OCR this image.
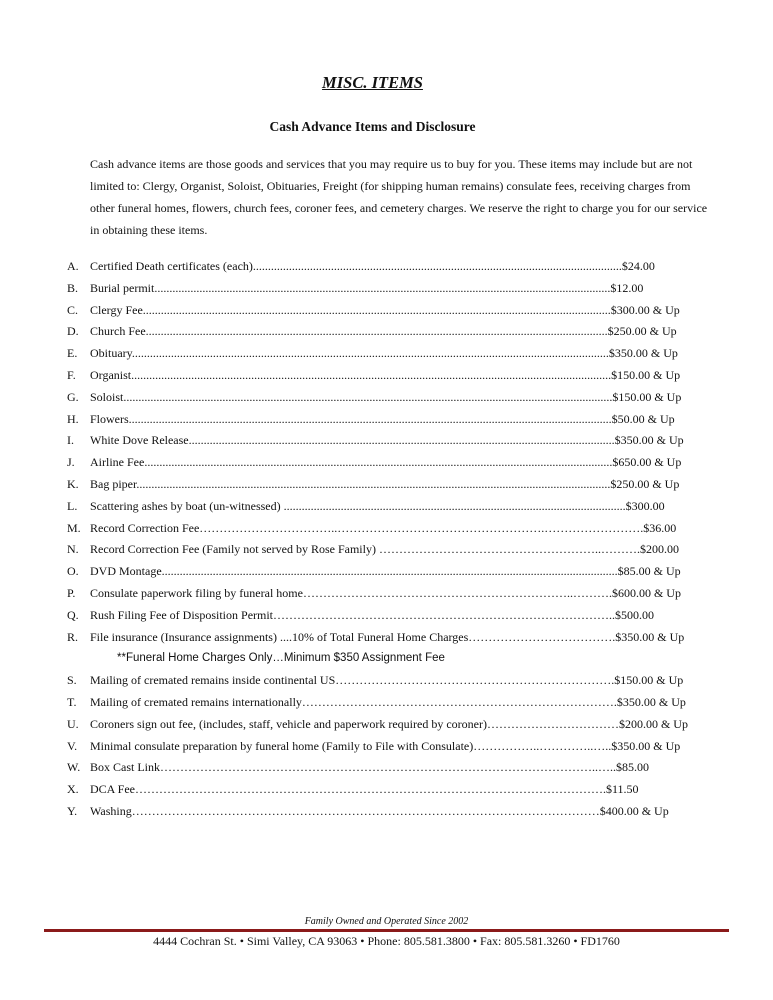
MISC. ITEMS
Cash Advance Items and Disclosure
Cash advance items are those goods and services that you may require us to buy for you. These items may include but are not limited to: Clergy, Organist, Soloist, Obituaries, Freight (for shipping human remains) consulate fees, receiving charges from other funeral homes, flowers, church fees, coroner fees, and cemetery charges. We reserve the right to charge you for our service in obtaining these items.
A. Certified Death certificates (each)...........................................................................................................................$24.00
B. Burial permit........................................................................................................................................................$12.00
C. Clergy Fee............................................................................................................................................................$300.00 & Up
D. Church Fee..........................................................................................................................................................$250.00 & Up
E.	Obituary...............................................................................................................................................................$350.00 & Up
F.	Organist................................................................................................................................................................$150.00 & Up
G. Soloist...................................................................................................................................................................$150.00 & Up
H. Flowers.................................................................................................................................................................$50.00 & Up
I.	White Dove Release..............................................................................................................................................$350.00 & Up
J.	Airline Fee............................................................................................................................................................$650.00 & Up
K. Bag piper..............................................................................................................................................................$250.00 & Up
L.	Scattering ashes by boat (un-witnessed) ..................................................................................................................$300.00
M. Record Correction Fee……………………………..…………………………………………….…………………….$36.00
N. Record Correction Fee (Family not served by Rose Family) ………………………………………………..……….$200.00
O. DVD Montage........................................................................................................................................................$85.00 & Up
P.	Consulate paperwork filing by funeral home…………………………………………………………..……….$600.00 & Up
Q. Rush Filing Fee of Disposition Permit…………………………………………………………………………..$500.00
R. File insurance (Insurance assignments) ....10% of Total Funeral Home Charges……………………………….$350.00 & Up
**Funeral Home Charges Only…Minimum $350 Assignment Fee
S.	Mailing of cremated remains inside continental US…………………………………………………………….$150.00 & Up
T.	Mailing of cremated remains internationally…………………………………………………………………….$350.00 & Up
U. Coroners sign out fee, (includes, staff, vehicle and paperwork required by coroner)……………………………$200.00 & Up
V.	Minimal consulate preparation by funeral home (Family to File with Consulate)……………..…………..…..$350.00 & Up
W. Box Cast Link………………………………………………………………………………………………..…..$85.00
X. DCA Fee……………………………………………………………………………………………………….$11.50
Y.	Washing………………………………………………………………………………………………………$400.00 & Up
Family Owned and Operated Since 2002
4444 Cochran St. • Simi Valley, CA 93063 • Phone: 805.581.3800 • Fax: 805.581.3260 • FD1760
